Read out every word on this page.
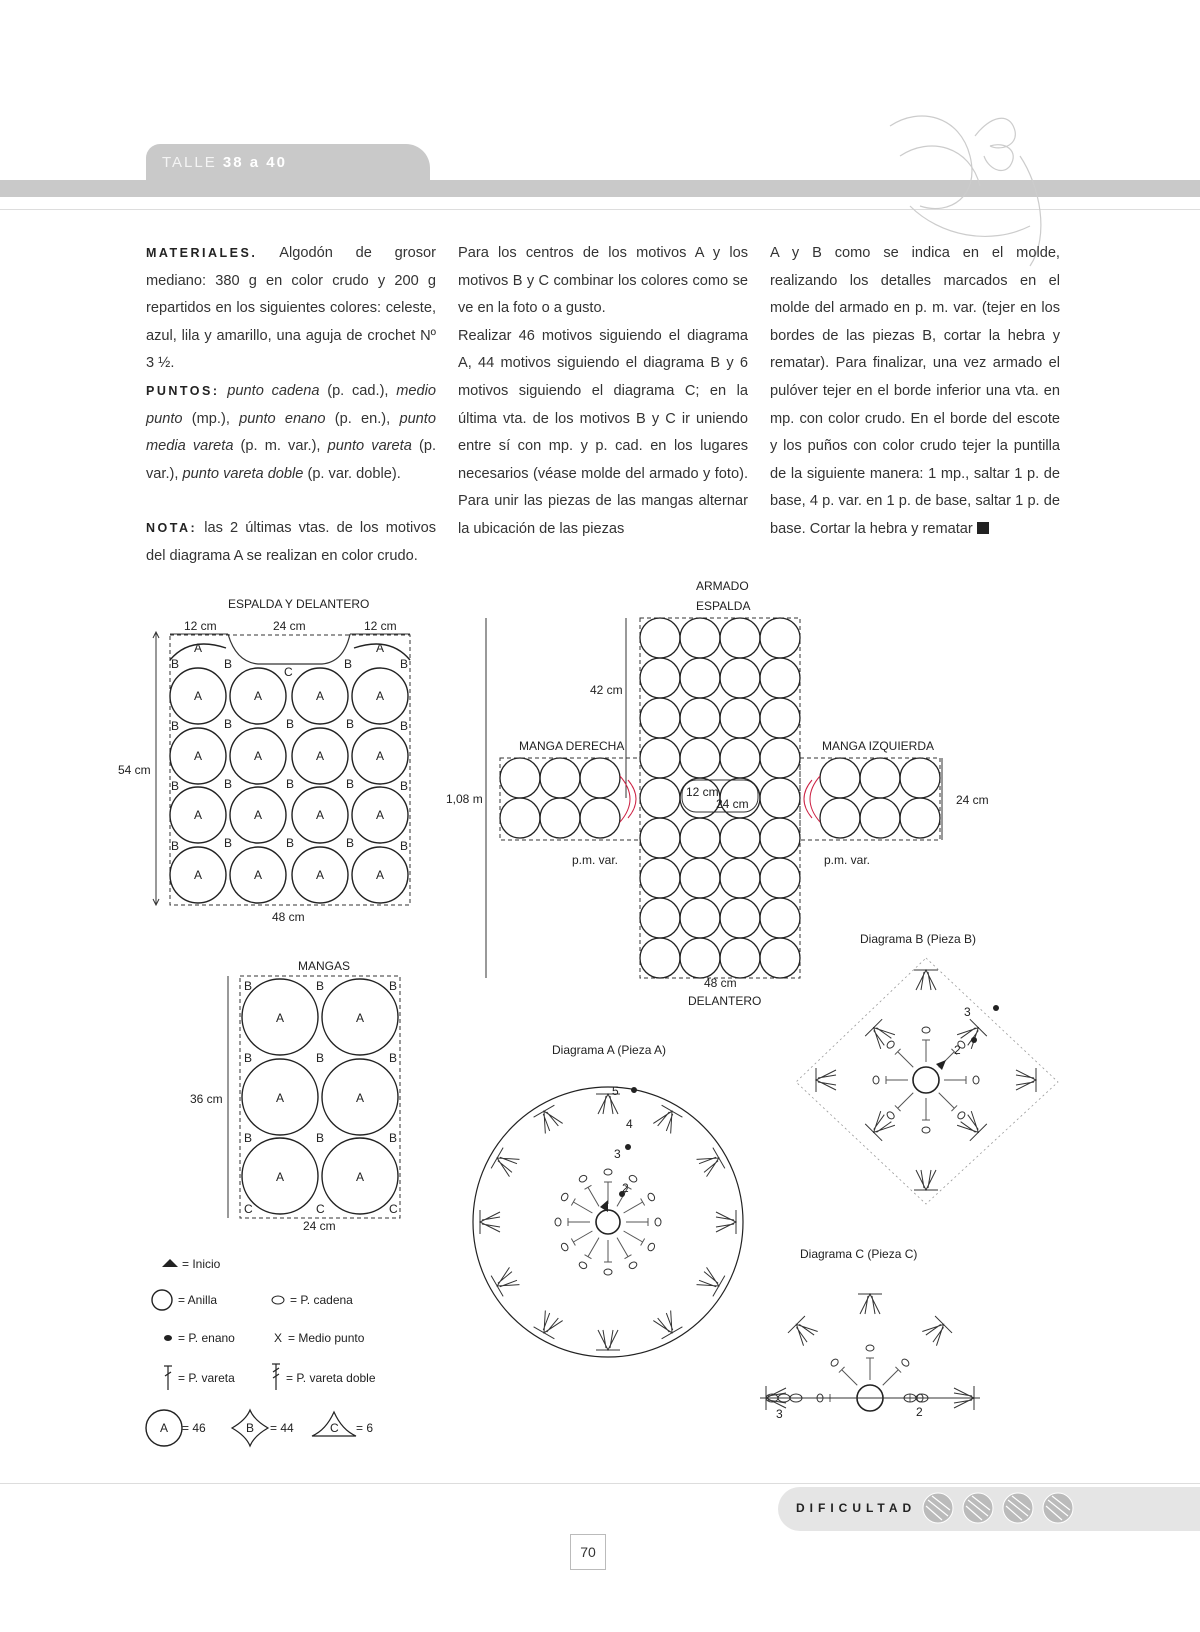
TALLE 38 a 40

MATERIALES. Algodón de grosor mediano: 380 g en color crudo y 200 g repartidos en los siguientes colores: celeste, azul, lila y amarillo, una aguja de crochet Nº 3 ½.
PUNTOS: punto cadena (p. cad.), medio punto (mp.), punto enano (p. en.), punto media vareta (p. m. var.), punto vareta (p. var.), punto vareta doble (p. var. doble).

NOTA: las 2 últimas vtas. de los motivos del diagrama A se realizan en color crudo.

Para los centros de los motivos A y los motivos B y C combinar los colores como se ve en la foto o a gusto.

Realizar 46 motivos siguiendo el diagrama A, 44 motivos siguiendo el diagrama B y 6 motivos siguiendo el diagrama C; en la última vta. de los motivos B y C ir uniendo entre sí con mp. y p. cad. en los lugares necesarios (véase molde del armado y foto). Para unir las piezas de las mangas alternar la ubicación de las piezas

A y B como se indica en el molde, realizando los detalles marcados en el molde del armado en p. m. var. (tejer en los bordes de las piezas B, cortar la hebra y rematar). Para finalizar, una vez armado el pulóver tejer en el borde inferior una vta. en mp. con color crudo. En el borde del escote y los puños con color crudo tejer la puntilla de la siguiente manera: 1 mp., saltar 1 p. de base, 4 p. var. en 1 p. de base, saltar 1 p. de base. Cortar la hebra y rematar

ESPALDA Y DELANTERO
12 cm	24 cm	12 cm
54 cm
48 cm
A	A	A	A
A	A	A	A
A	A	A	A
A	A	A	A
A	A
C
B	B	B	B
B	B	B	B	B
B	B	B	B	B
B	B	B	B	B
MANGAS
36 cm
24 cm
A	A
A	A
A	A
B	B	B
B	B	B
B	B	B
C	C	C
ARMADO
ESPALDA
42 cm
1,08 m
MANGA DERECHA	MANGA IZQUIERDA
24 cm
12 cm
24 cm
p.m. var.	p.m. var.
48 cm
DELANTERO
Diagrama A (Pieza A)
5
4
3
2
Diagrama B (Pieza B)
3
2
Diagrama C (Pieza C)
3	2
= Inicio
= Anilla	= P. cadena
= P. enano	X = Medio punto
= P. vareta	= P. vareta doble
A = 46	B = 44	C = 6
DIFICULTAD
70
